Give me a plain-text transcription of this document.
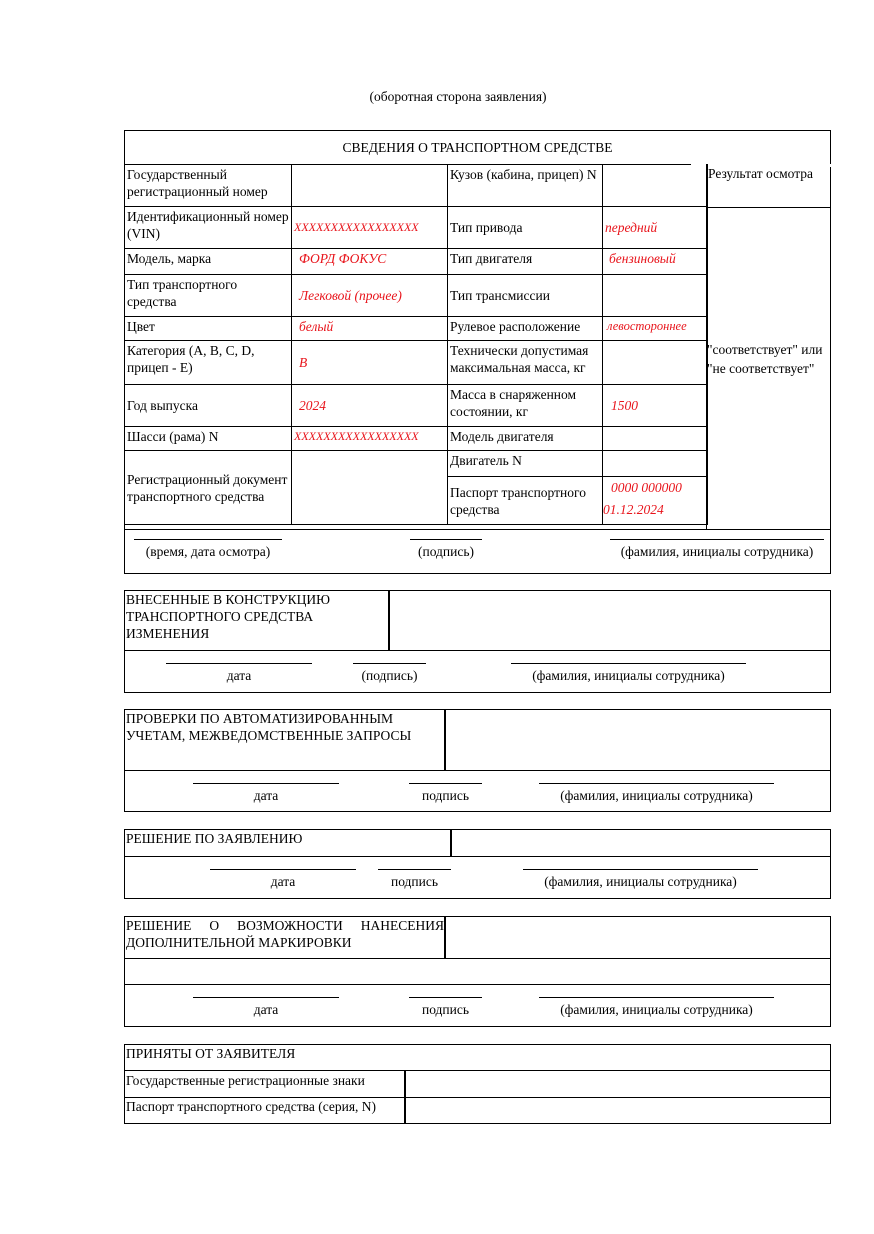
(оборотная сторона заявления)
СВЕДЕНИЯ О ТРАНСПОРТНОМ СРЕДСТВЕ
Государственный регистрационный номер		Кузов (кабина, прицеп) N	
Идентификационный номер (VIN)	XXXXXXXXXXXXXXXXX	Тип привода	передний
Модель, марка	ФОРД ФОКУС	Тип двигателя	бензиновый
Тип транспортного средства	Легковой (прочее)	Тип трансмиссии	
Цвет	белый	Рулевое расположение	левостороннее
Категория (A, B, C, D, прицеп - E)	B	Технически допустимая максимальная масса, кг	
Год выпуска	2024	Масса в снаряженном состоянии, кг	1500
Шасси (рама) N	XXXXXXXXXXXXXXXXX	Модель двигателя	
Регистрационный документ транспортного средства		Двигатель N	
		Паспорт транспортного средства	0000 000000
01.12.2024
Результат осмотра
"соответствует" или "не соответствует"
(время, дата осмотра)	(подпись)	(фамилия, инициалы сотрудника)
ВНЕСЕННЫЕ В КОНСТРУКЦИЮ ТРАНСПОРТНОГО СРЕДСТВА ИЗМЕНЕНИЯ
дата	(подпись)	(фамилия, инициалы сотрудника)
ПРОВЕРКИ ПО АВТОМАТИЗИРОВАННЫМ УЧЕТАМ, МЕЖВЕДОМСТВЕННЫЕ ЗАПРОСЫ
дата	подпись	(фамилия, инициалы сотрудника)
РЕШЕНИЕ ПО ЗАЯВЛЕНИЮ
дата	подпись	(фамилия, инициалы сотрудника)
РЕШЕНИЕ О ВОЗМОЖНОСТИ НАНЕСЕНИЯ ДОПОЛНИТЕЛЬНОЙ МАРКИРОВКИ
дата	подпись	(фамилия, инициалы сотрудника)
ПРИНЯТЫ ОТ ЗАЯВИТЕЛЯ
Государственные регистрационные знаки
Паспорт транспортного средства (серия, N)
